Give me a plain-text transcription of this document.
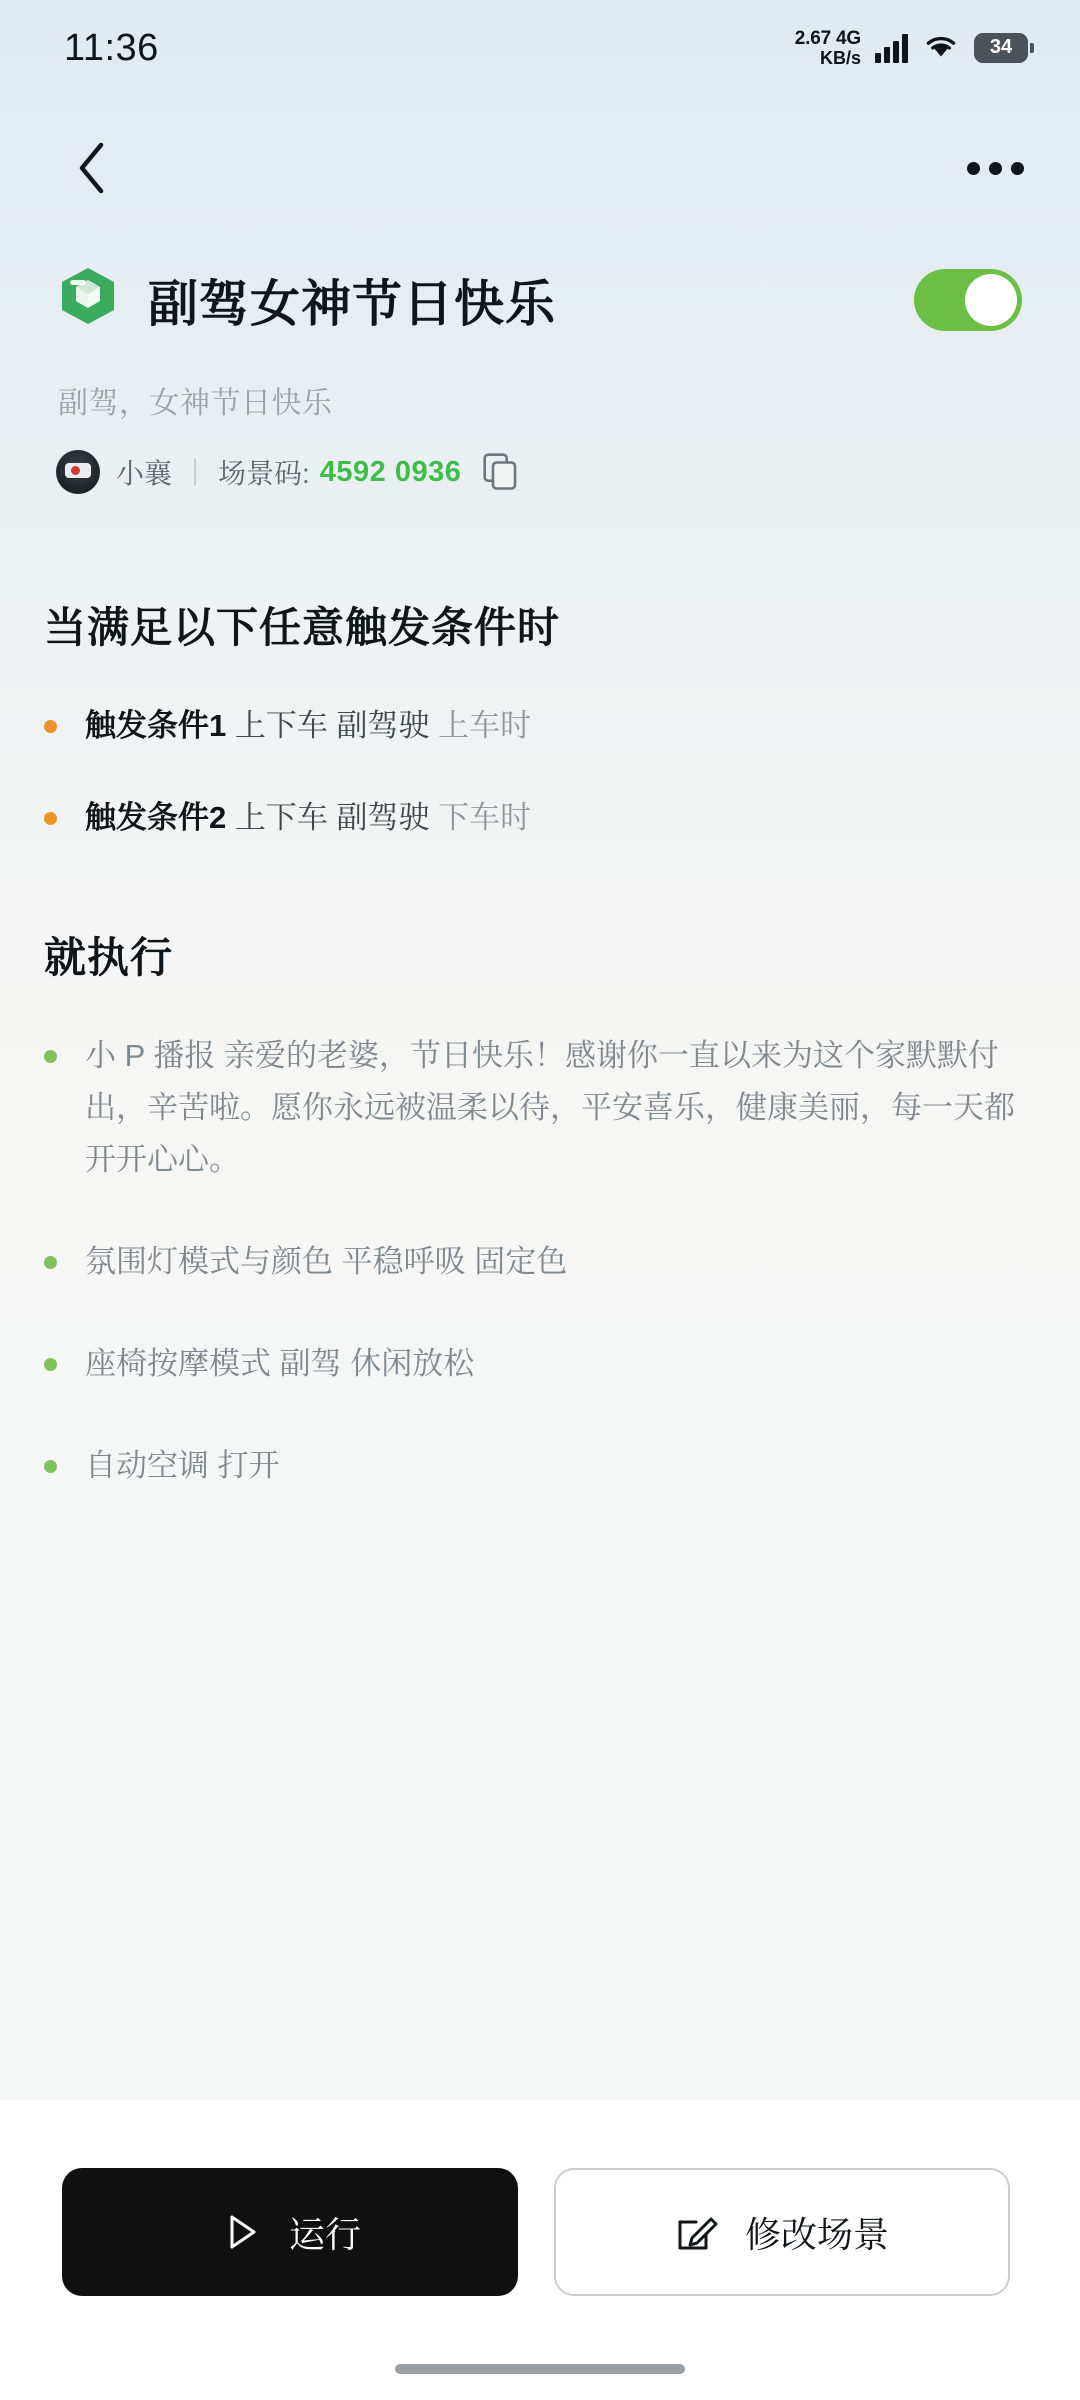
11:36	2.67 4G
KB/s	34
副驾女神节日快乐
副驾，女神节日快乐
小襄 场景码: 4592 0936
当满足以下任意触发条件时
触发条件1 上下车 副驾驶 上车时
触发条件2 上下车 副驾驶 下车时
就执行
小 P 播报 亲爱的老婆，节日快乐！感谢你一直以来为这个家默默付出，辛苦啦。愿你永远被温柔以待，平安喜乐，健康美丽，每一天都开开心心。
氛围灯模式与颜色 平稳呼吸 固定色
座椅按摩模式 副驾 休闲放松
自动空调 打开
运行	修改场景
